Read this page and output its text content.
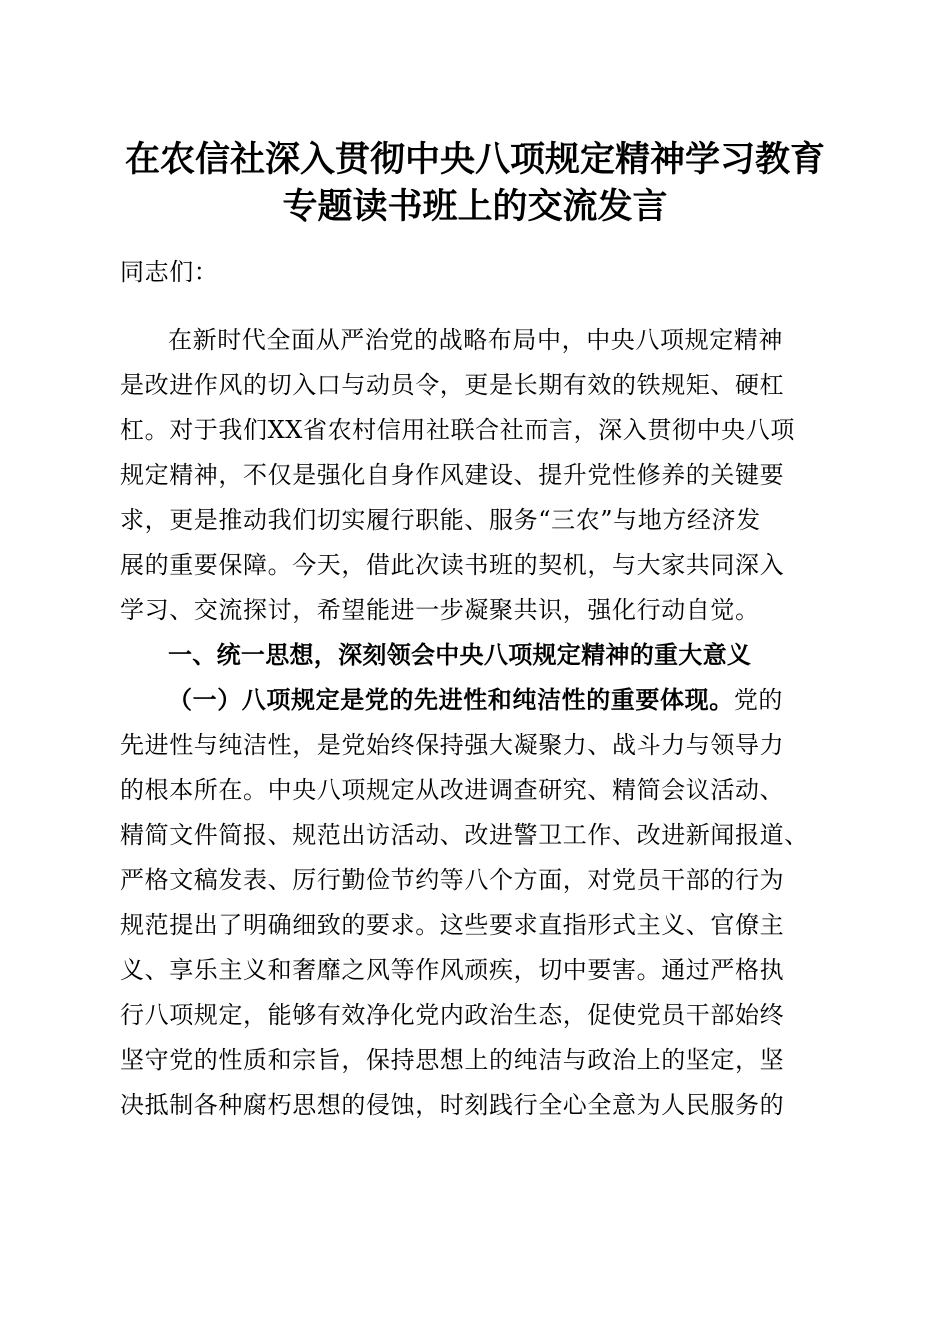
在农信社深入贯彻中央八项规定精神学习教育
专题读书班上的交流发言
同志们：
在新时代全面从严治党的战略布局中，中央八项规定精神
是改进作风的切入口与动员令，更是长期有效的铁规矩、硬杠
杠。对于我们XX省农村信用社联合社而言，深入贯彻中央八项
规定精神，不仅是强化自身作风建设、提升党性修养的关键要
求，更是推动我们切实履行职能、服务“三农”与地方经济发
展的重要保障。今天，借此次读书班的契机，与大家共同深入
学习、交流探讨，希望能进一步凝聚共识，强化行动自觉。
一、统一思想，深刻领会中央八项规定精神的重大意义
（一）八项规定是党的先进性和纯洁性的重要体现。党的
先进性与纯洁性，是党始终保持强大凝聚力、战斗力与领导力
的根本所在。中央八项规定从改进调查研究、精简会议活动、
精简文件简报、规范出访活动、改进警卫工作、改进新闻报道、
严格文稿发表、厉行勤俭节约等八个方面，对党员干部的行为
规范提出了明确细致的要求。这些要求直指形式主义、官僚主
义、享乐主义和奢靡之风等作风顽疾，切中要害。通过严格执
行八项规定，能够有效净化党内政治生态，促使党员干部始终
坚守党的性质和宗旨，保持思想上的纯洁与政治上的坚定，坚
决抵制各种腐朽思想的侵蚀，时刻践行全心全意为人民服务的
